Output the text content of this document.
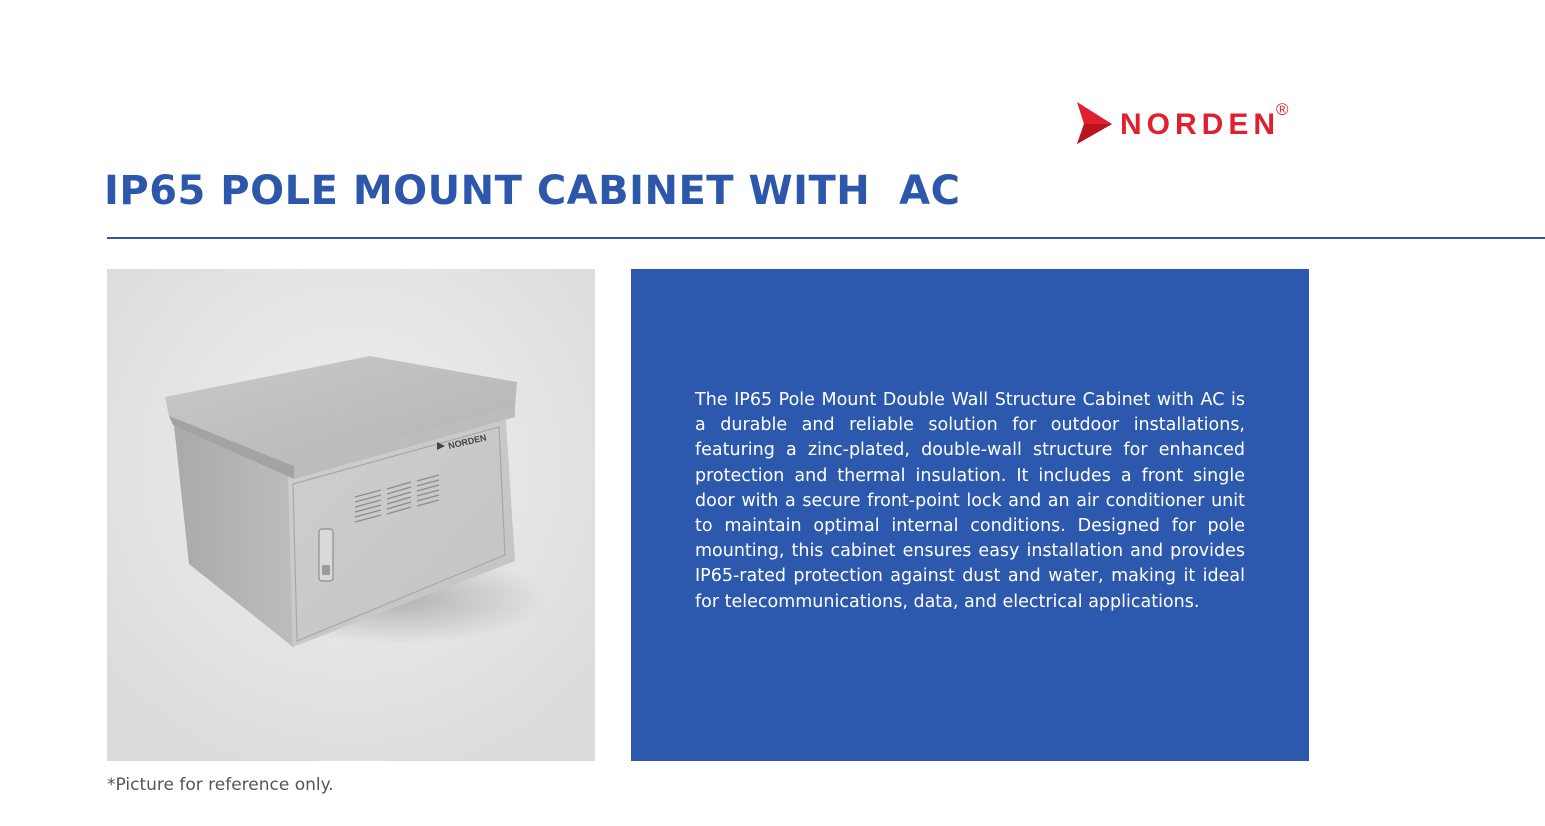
NORDEN
®
IP65 POLE MOUNT CABINET WITH  AC
NORDEN

The IP65 Pole Mount Double Wall Structure Cabinet with AC is a durable and reliable solution for outdoor installations, featuring a zinc-plated, double-wall structure for enhanced protection and thermal insulation. It includes a front single door with a secure front-point lock and an air conditioner unit to maintain optimal internal conditions. Designed for pole mounting, this cabinet ensures easy installation and provides IP65-rated protection against dust and water, making it ideal for telecommunications, data, and electrical applications.

*Picture for reference only.
